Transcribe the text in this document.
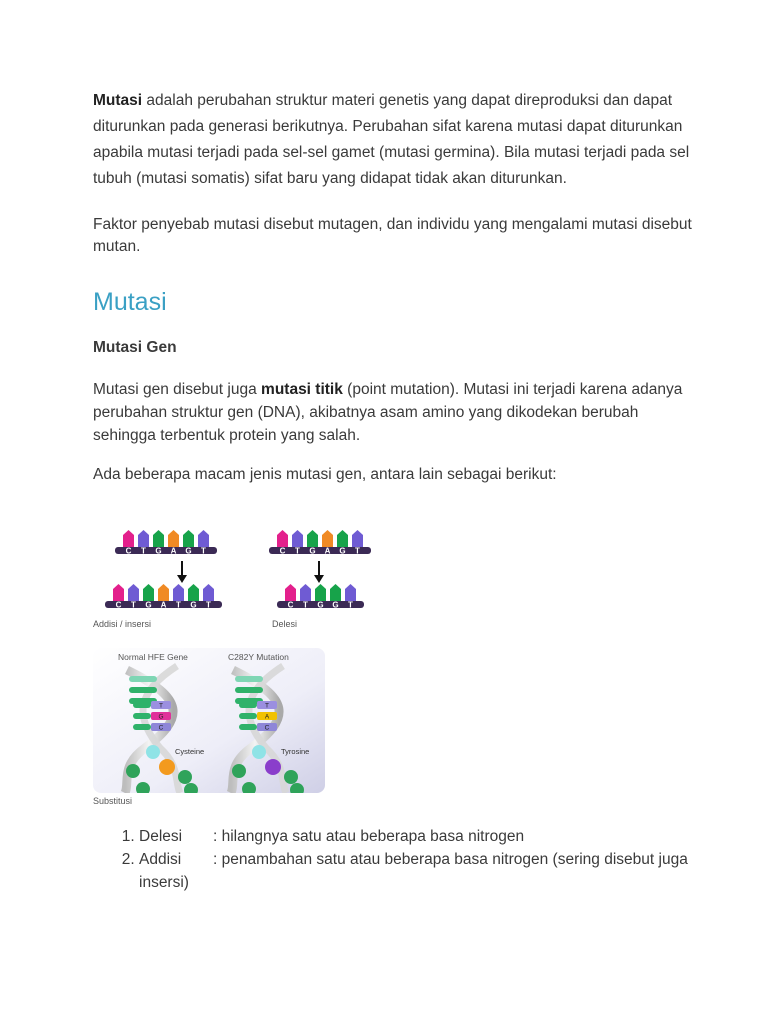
Mutasi adalah perubahan struktur materi genetis yang dapat direproduksi dan dapat diturunkan pada generasi berikutnya. Perubahan sifat karena mutasi dapat diturunkan apabila mutasi terjadi pada sel-sel gamet (mutasi germina). Bila mutasi terjadi pada sel tubuh (mutasi somatis) sifat baru yang didapat tidak akan diturunkan.

Faktor penyebab mutasi disebut mutagen, dan individu yang mengalami mutasi disebut mutan.

Mutasi
Mutasi Gen

Mutasi gen disebut juga mutasi titik (point mutation). Mutasi ini terjadi karena adanya perubahan struktur gen (DNA), akibatnya asam amino yang dikodekan berubah sehingga terbentuk protein yang salah.

Ada beberapa macam jenis mutasi gen, antara lain sebagai berikut:

C T G A G T
C T G A T G T
C T G A G T
C T G G T
Addisi / insersi	Delesi
Normal HFE Gene	C282Y Mutation
T
G
C
T
A
C
Cysteine	Tyrosine
Substitusi
1. Delesi : hilangnya satu atau beberapa basa nitrogen
2. Addisi : penambahan satu atau beberapa basa nitrogen (sering disebut juga insersi)
